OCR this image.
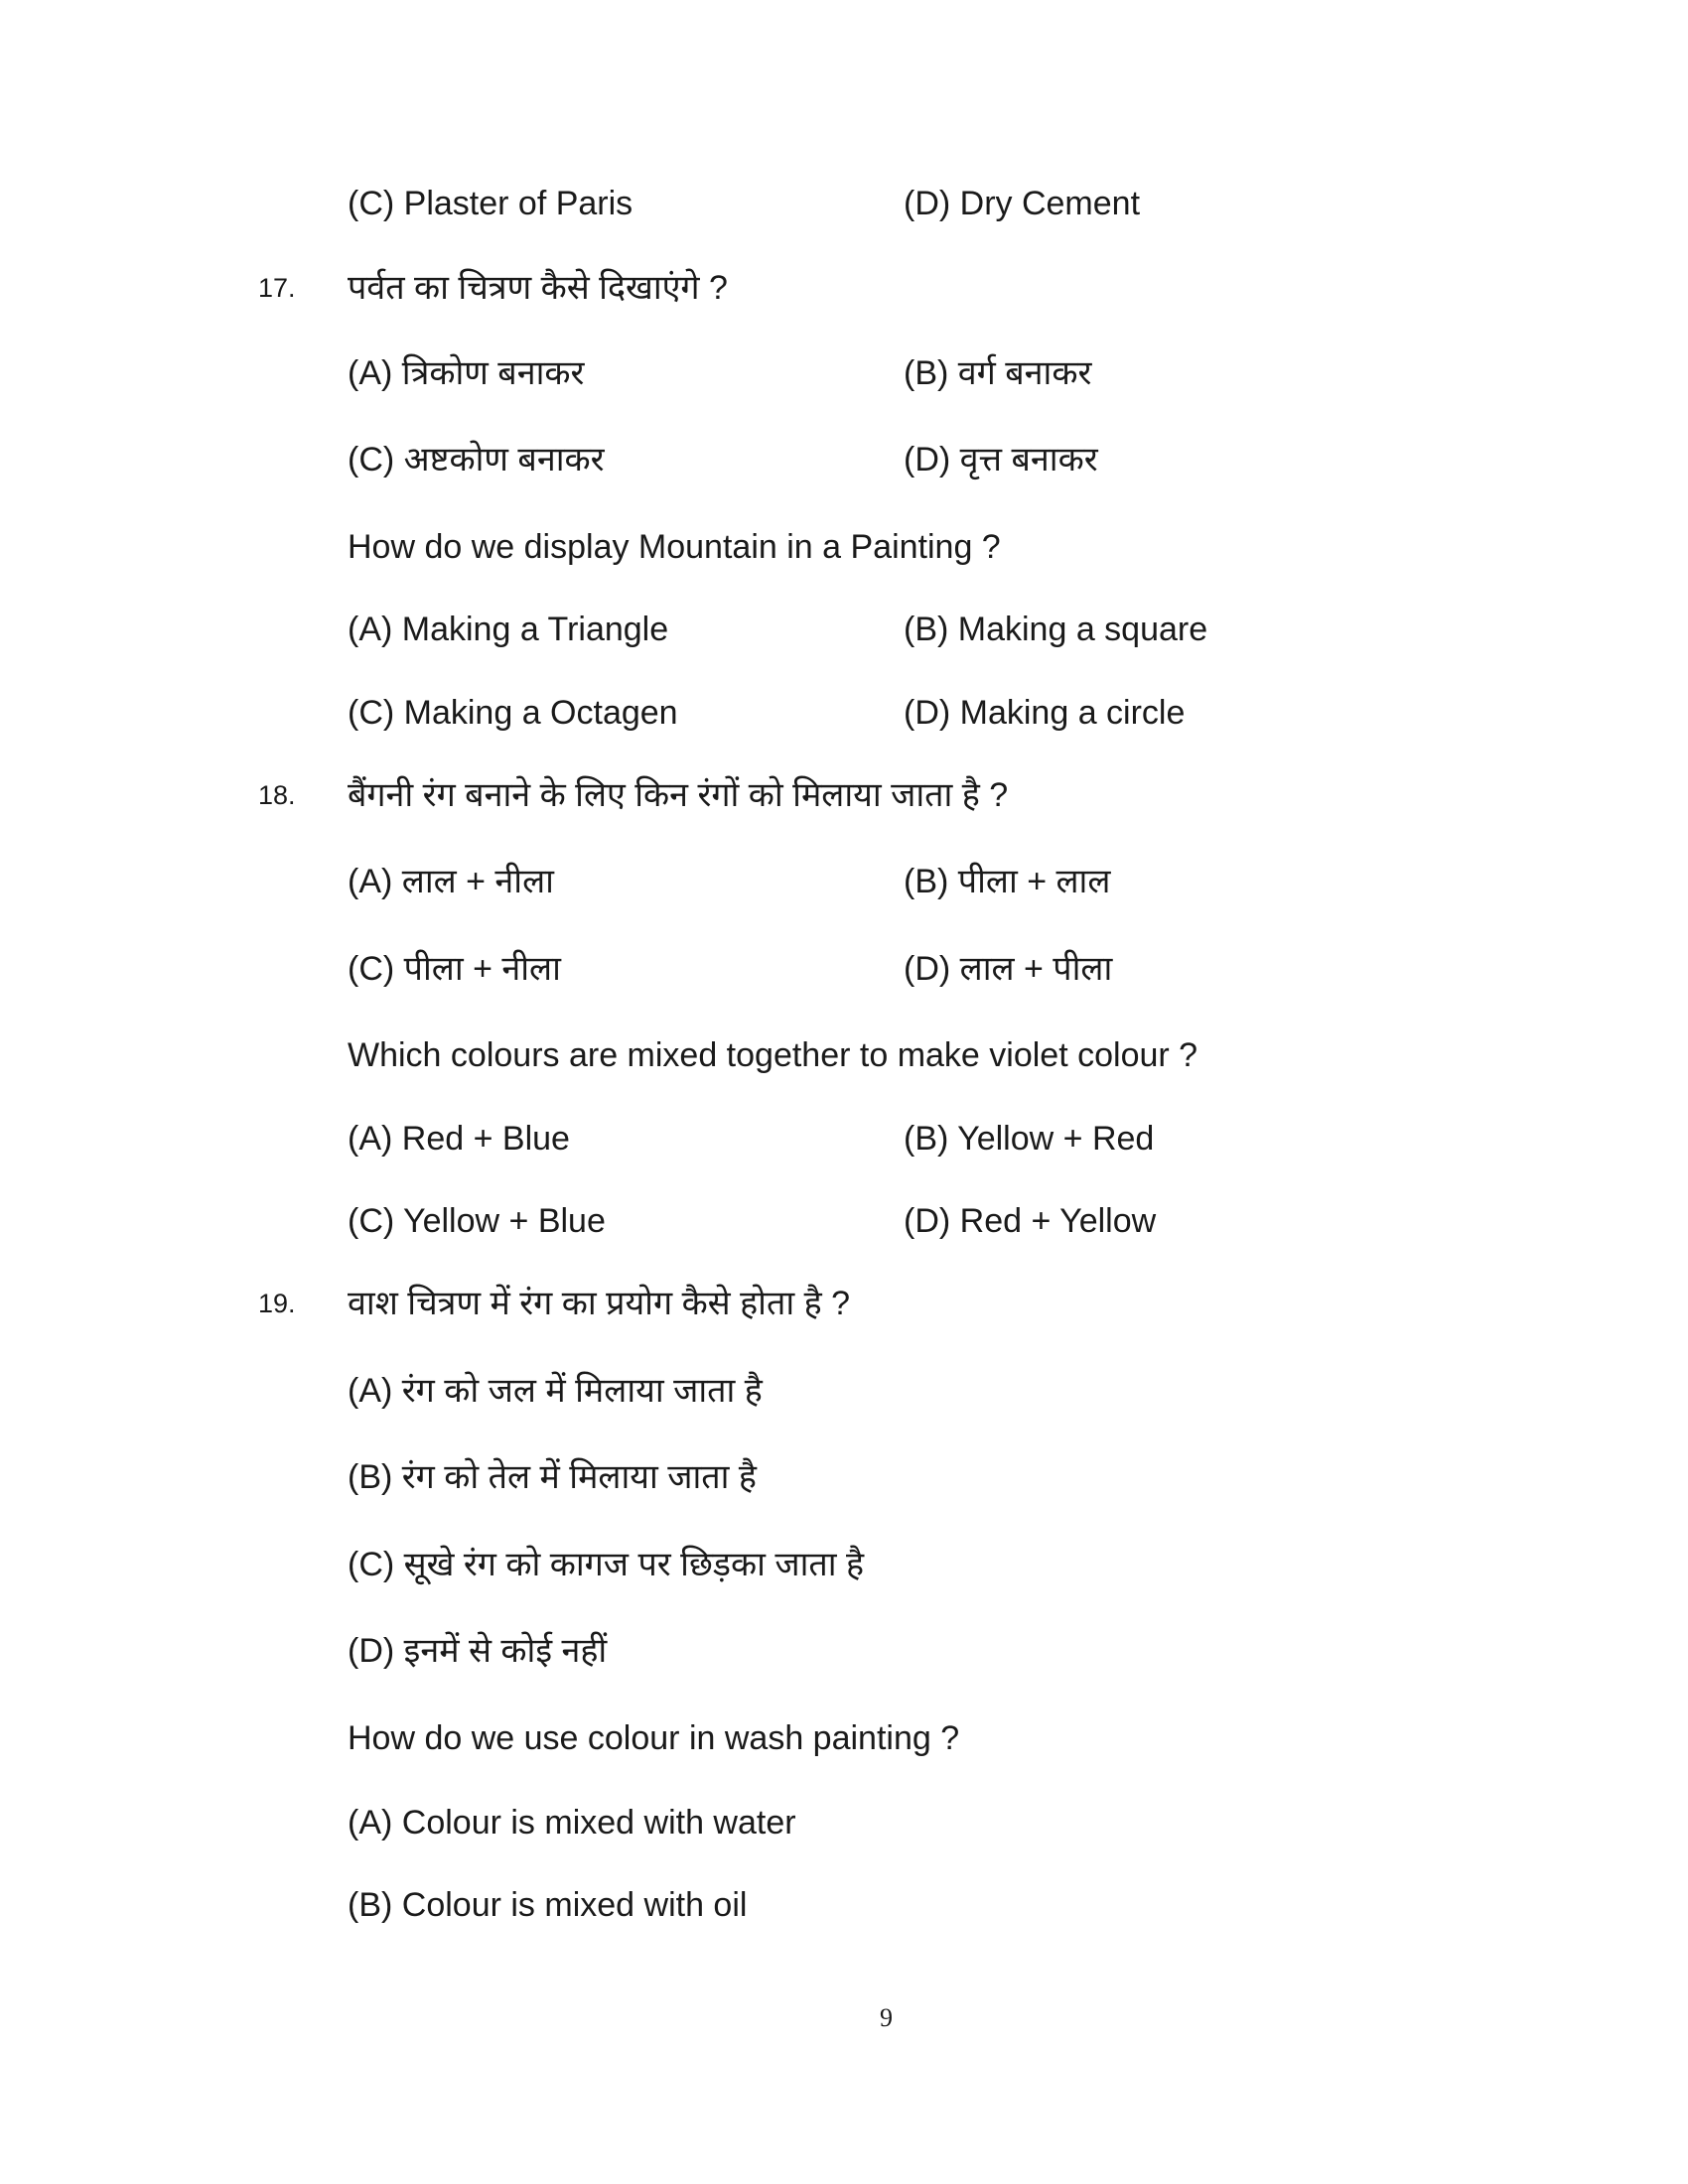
(C) Plaster of Paris	(D) Dry Cement
17. पर्वत का चित्रण कैसे दिखाएंगे ?
(A) त्रिकोण बनाकर	(B) वर्ग बनाकर
(C) अष्टकोण बनाकर	(D) वृत्त बनाकर
How do we display Mountain in a Painting ?
(A) Making a Triangle	(B) Making a square
(C) Making a Octagen	(D) Making a circle
18. बैंगनी रंग बनाने के लिए किन रंगों को मिलाया जाता है ?
(A) लाल + नीला	(B) पीला + लाल
(C) पीला + नीला	(D) लाल + पीला
Which colours are mixed together to make violet colour ?
(A) Red + Blue	(B) Yellow + Red
(C) Yellow + Blue	(D) Red + Yellow
19. वाश चित्रण में रंग का प्रयोग कैसे होता है ?
(A) रंग को जल में मिलाया जाता है
(B) रंग को तेल में मिलाया जाता है
(C) सूखे रंग को कागज पर छिड़का जाता है
(D) इनमें से कोई नहीं
How do we use colour in wash painting ?
(A) Colour is mixed with water
(B) Colour is mixed with oil
9
